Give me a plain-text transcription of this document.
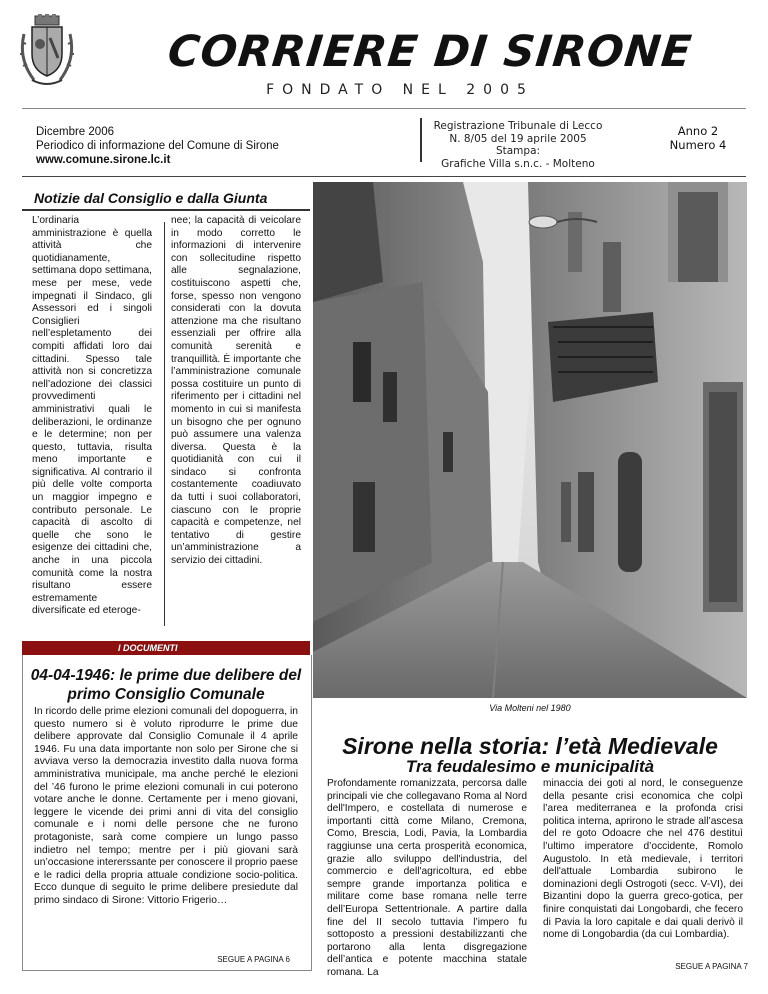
CORRIERE DI SIRONE
FONDATO NEL 2005
Dicembre 2006
Periodico di informazione del Comune di Sirone
www.comune.sirone.lc.it
Registrazione Tribunale di Lecco
N. 8/05 del 19 aprile 2005
Stampa:
Grafiche Villa s.n.c. - Molteno
Anno 2
Numero 4
Notizie dal Consiglio e dalla Giunta

L’ordinaria amministrazione è quella attività che quotidianamente, settimana dopo settimana, mese per mese, vede impegnati il Sindaco, gli Assessori ed i singoli Consiglieri nell’espletamento dei compiti affidati loro dai cittadini. Spesso tale attività non si concretizza nell’adozione dei classici provvedimenti amministrativi quali le deliberazioni, le ordinanze e le determine; non per questo, tuttavia, risulta meno importante e significativa. Al contrario il più delle volte comporta un maggior impegno e contributo personale. Le capacità di ascolto di quelle che sono le esigenze dei cittadini che, anche in una piccola comunità come la nostra risultano essere estremamente diversificate ed eteroge-

nee; la capacità di veicolare in modo corretto le informazioni di intervenire con sollecitudine rispetto alle segnalazione, costituiscono aspetti che, forse, spesso non vengono considerati con la dovuta attenzione ma che risultano essenziali per offrire alla comunità serenità e tranquillità. È importante che l’amministrazione comunale possa costituire un punto di riferimento per i cittadini nel momento in cui si manifesta un bisogno che per ognuno può assumere una valenza diversa. Questa è la quotidianità con cui il sindaco si confronta costantemente coadiuvato da tutti i suoi collaboratori, ciascuno con le proprie capacità e competenze, nel tentativo di gestire un’amministrazione a servizio dei cittadini.

Via Molteni nel 1980
I DOCUMENTI
04-04-1946: le prime due delibere del primo Consiglio Comunale
In ricordo delle prime elezioni comunali del dopoguerra, in questo numero si è voluto riprodurre le prime due delibere approvate dal Consiglio Comunale il 4 aprile 1946. Fu una data importante non solo per Sirone che si avviava verso la democrazia investito dalla nuova forma amministrativa municipale, ma anche perché le elezioni del ’46 furono le prime elezioni comunali in cui poterono votare anche le donne. Certamente per i meno giovani, leggere le vicende dei primi anni di vita del consiglio comunale e i nomi delle persone che ne furono protagoniste, sarà come compiere un lungo passo indietro nel tempo; mentre per i più giovani sarà un’occasione intererssante per conoscere il proprio paese e le radici della propria attuale condizione socio-politica. Ecco dunque di seguito le prime delibere presiedute dal primo sindaco di Sirone: Vittorio Frigerio…
SEGUE A PAGINA 6
Sirone nella storia: l’età Medievale
Tra feudalesimo e municipalità

Profondamente romanizzata, percorsa dalle principali vie che collegavano Roma al Nord dell'Impero, e costellata di numerose e importanti città come Milano, Cremona, Como, Brescia, Lodi, Pavia, la Lombardia raggiunse una certa prosperità economica, grazie allo sviluppo dell'industria, del commercio e dell'agricoltura, ed ebbe sempre grande importanza politica e militare come base romana nelle terre dell’Europa Settentrionale. A partire dalla fine del II secolo tuttavia l’impero fu sottoposto a pressioni destabilizzanti che portarono alla lenta disgregazione dell’antica e potente macchina statale romana. La

minaccia dei goti al nord, le conseguenze della pesante crisi economica che colpì l’area mediterranea e la profonda crisi politica interna, aprirono le strade all’ascesa del re goto Odoacre che nel 476 destituì l’ultimo imperatore d’occidente, Romolo Augustolo. In età medievale, i territori dell'attuale Lombardia subirono le dominazioni degli Ostrogoti (secc. V-VI), dei Bizantini dopo la guerra greco-gotica, per finire conquistati dai Longobardi, che fecero di Pavia la loro capitale e dai quali derivò il nome di Longobardia (da cui Lombardia).

SEGUE A PAGINA 7
